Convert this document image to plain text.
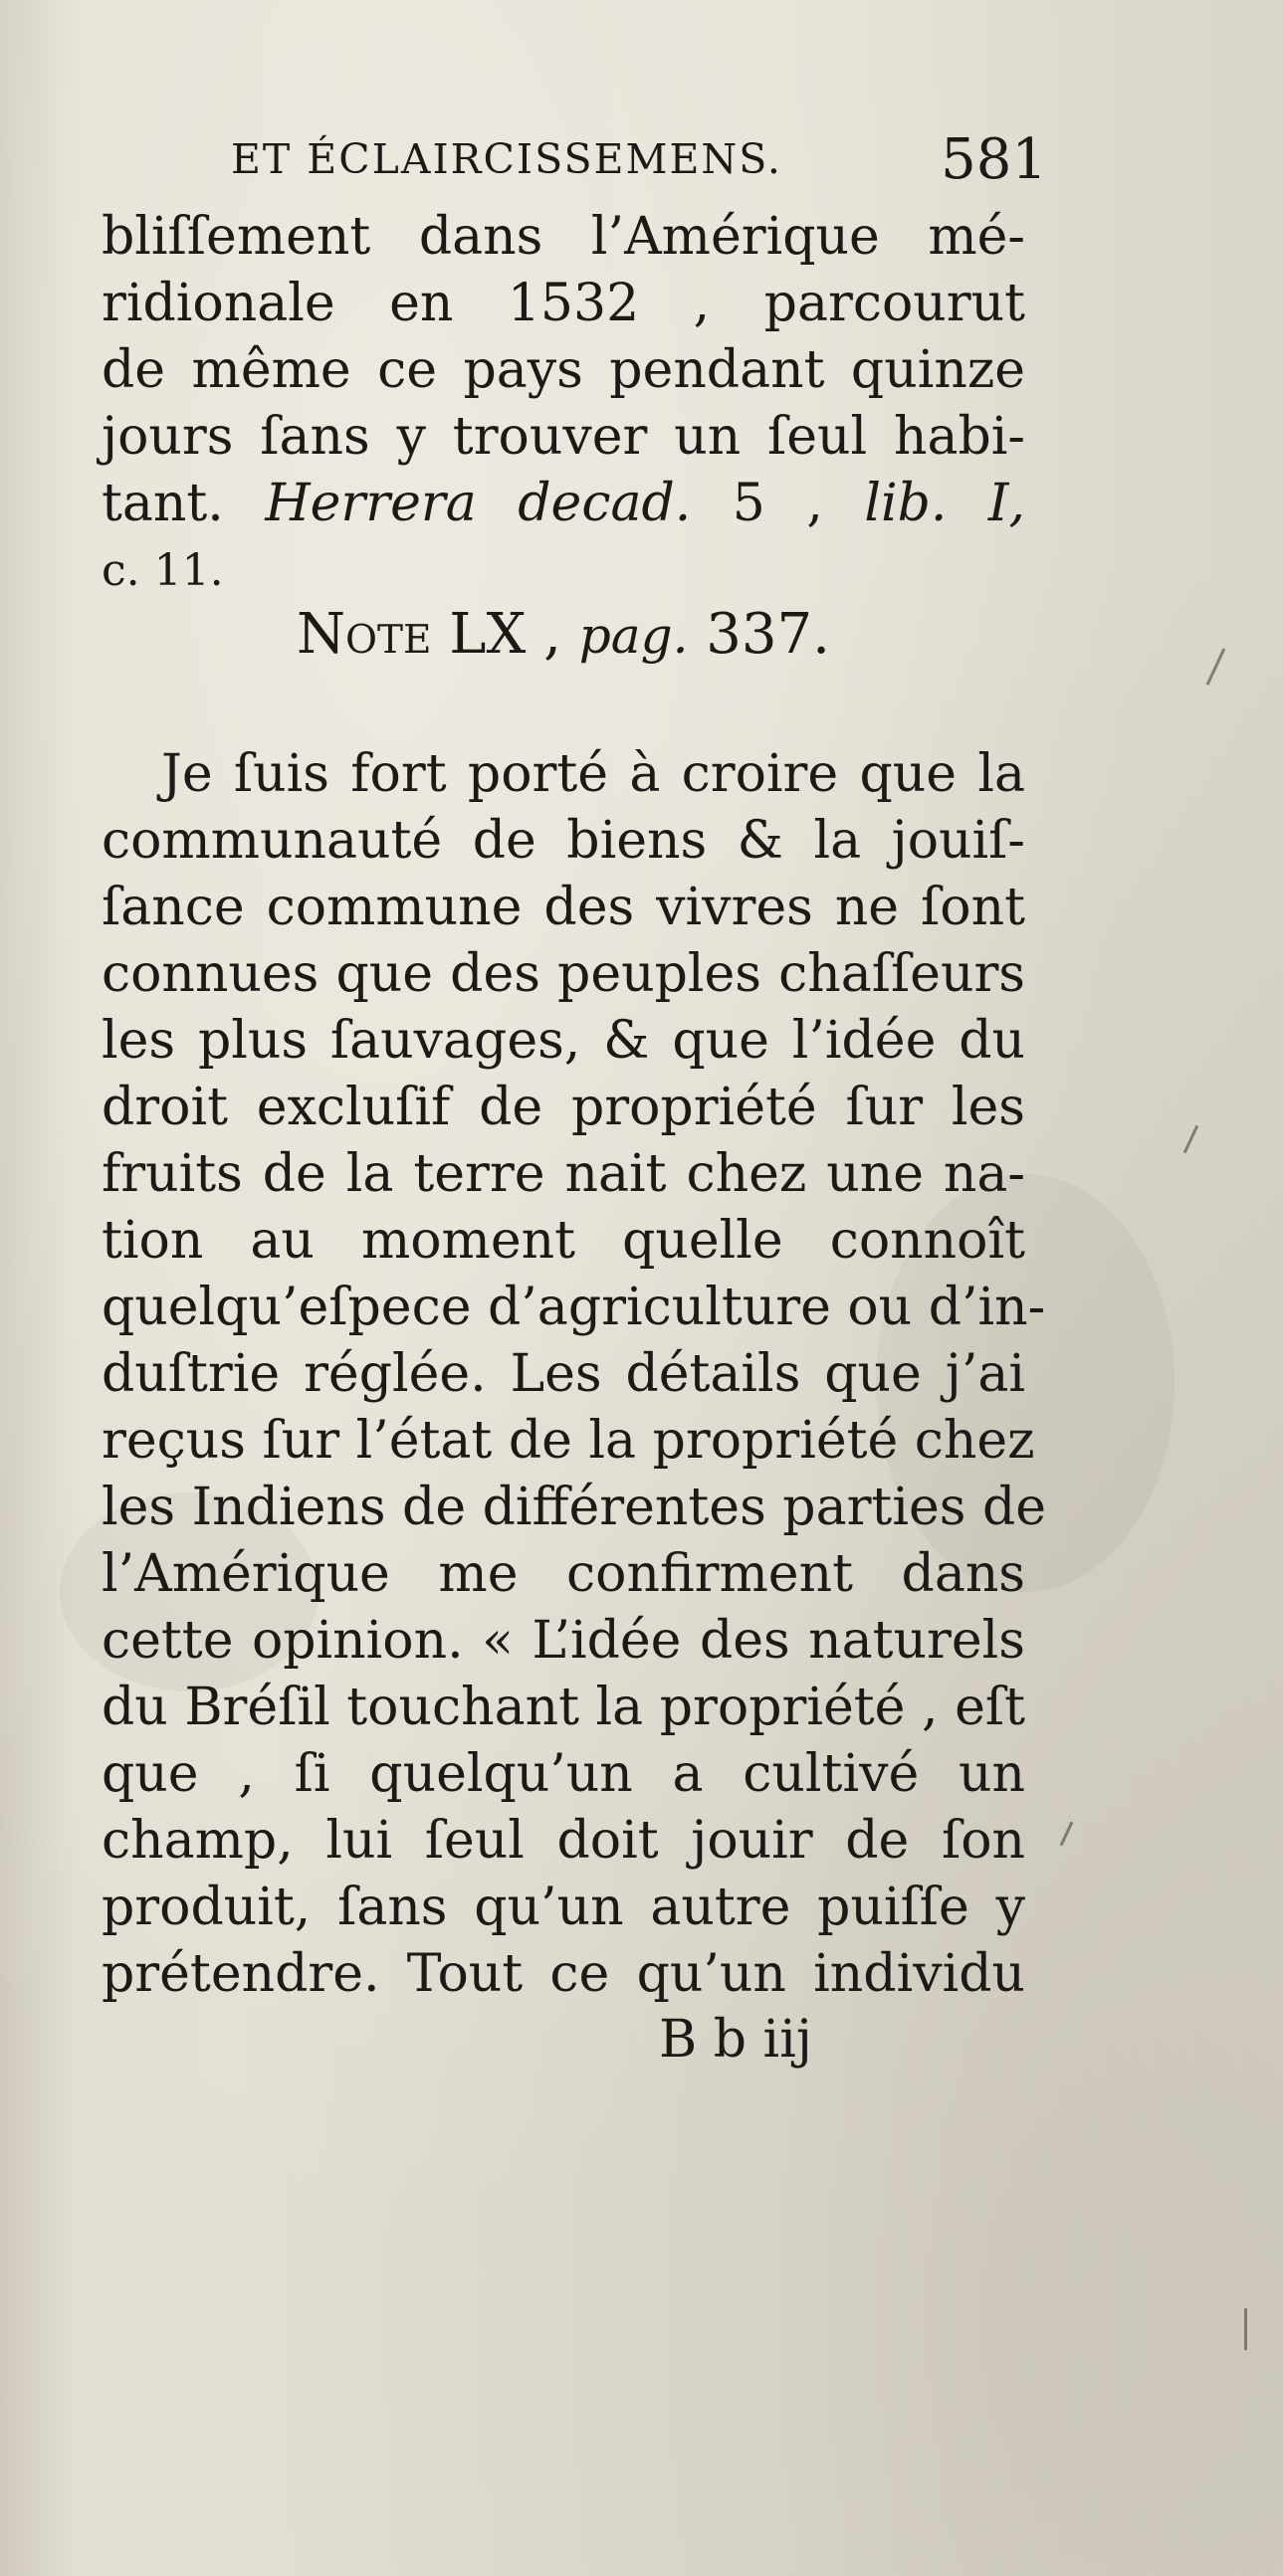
ET ÉCLAIRCISSEMENS.	581
bliſſement dans l’Amérique mé-
ridionale en 1532 , parcourut
de même ce pays pendant quinze
jours ſans y trouver un ſeul habi-
tant. Herrera decad. 5 , lib. I,
c. 11.
Note LX , pag. 337.
Je ſuis fort porté à croire que la
communauté de biens & la jouiſ-
ſance commune des vivres ne ſont
connues que des peuples chaſſeurs
les plus ſauvages, & que l’idée du
droit excluſif de propriété ſur les
fruits de la terre nait chez une na-
tion au moment quelle connoît
quelqu’eſpece d’agriculture ou d’in-
duſtrie réglée. Les détails que j’ai
reçus ſur l’état de la propriété chez
les Indiens de différentes parties de
l’Amérique me confirment dans
cette opinion. « L’idée des naturels
du Bréſil touchant la propriété , eſt
que , ſi quelqu’un a cultivé un
champ, lui ſeul doit jouir de ſon
produit, ſans qu’un autre puiſſe y
prétendre. Tout ce qu’un individu
B b iij
